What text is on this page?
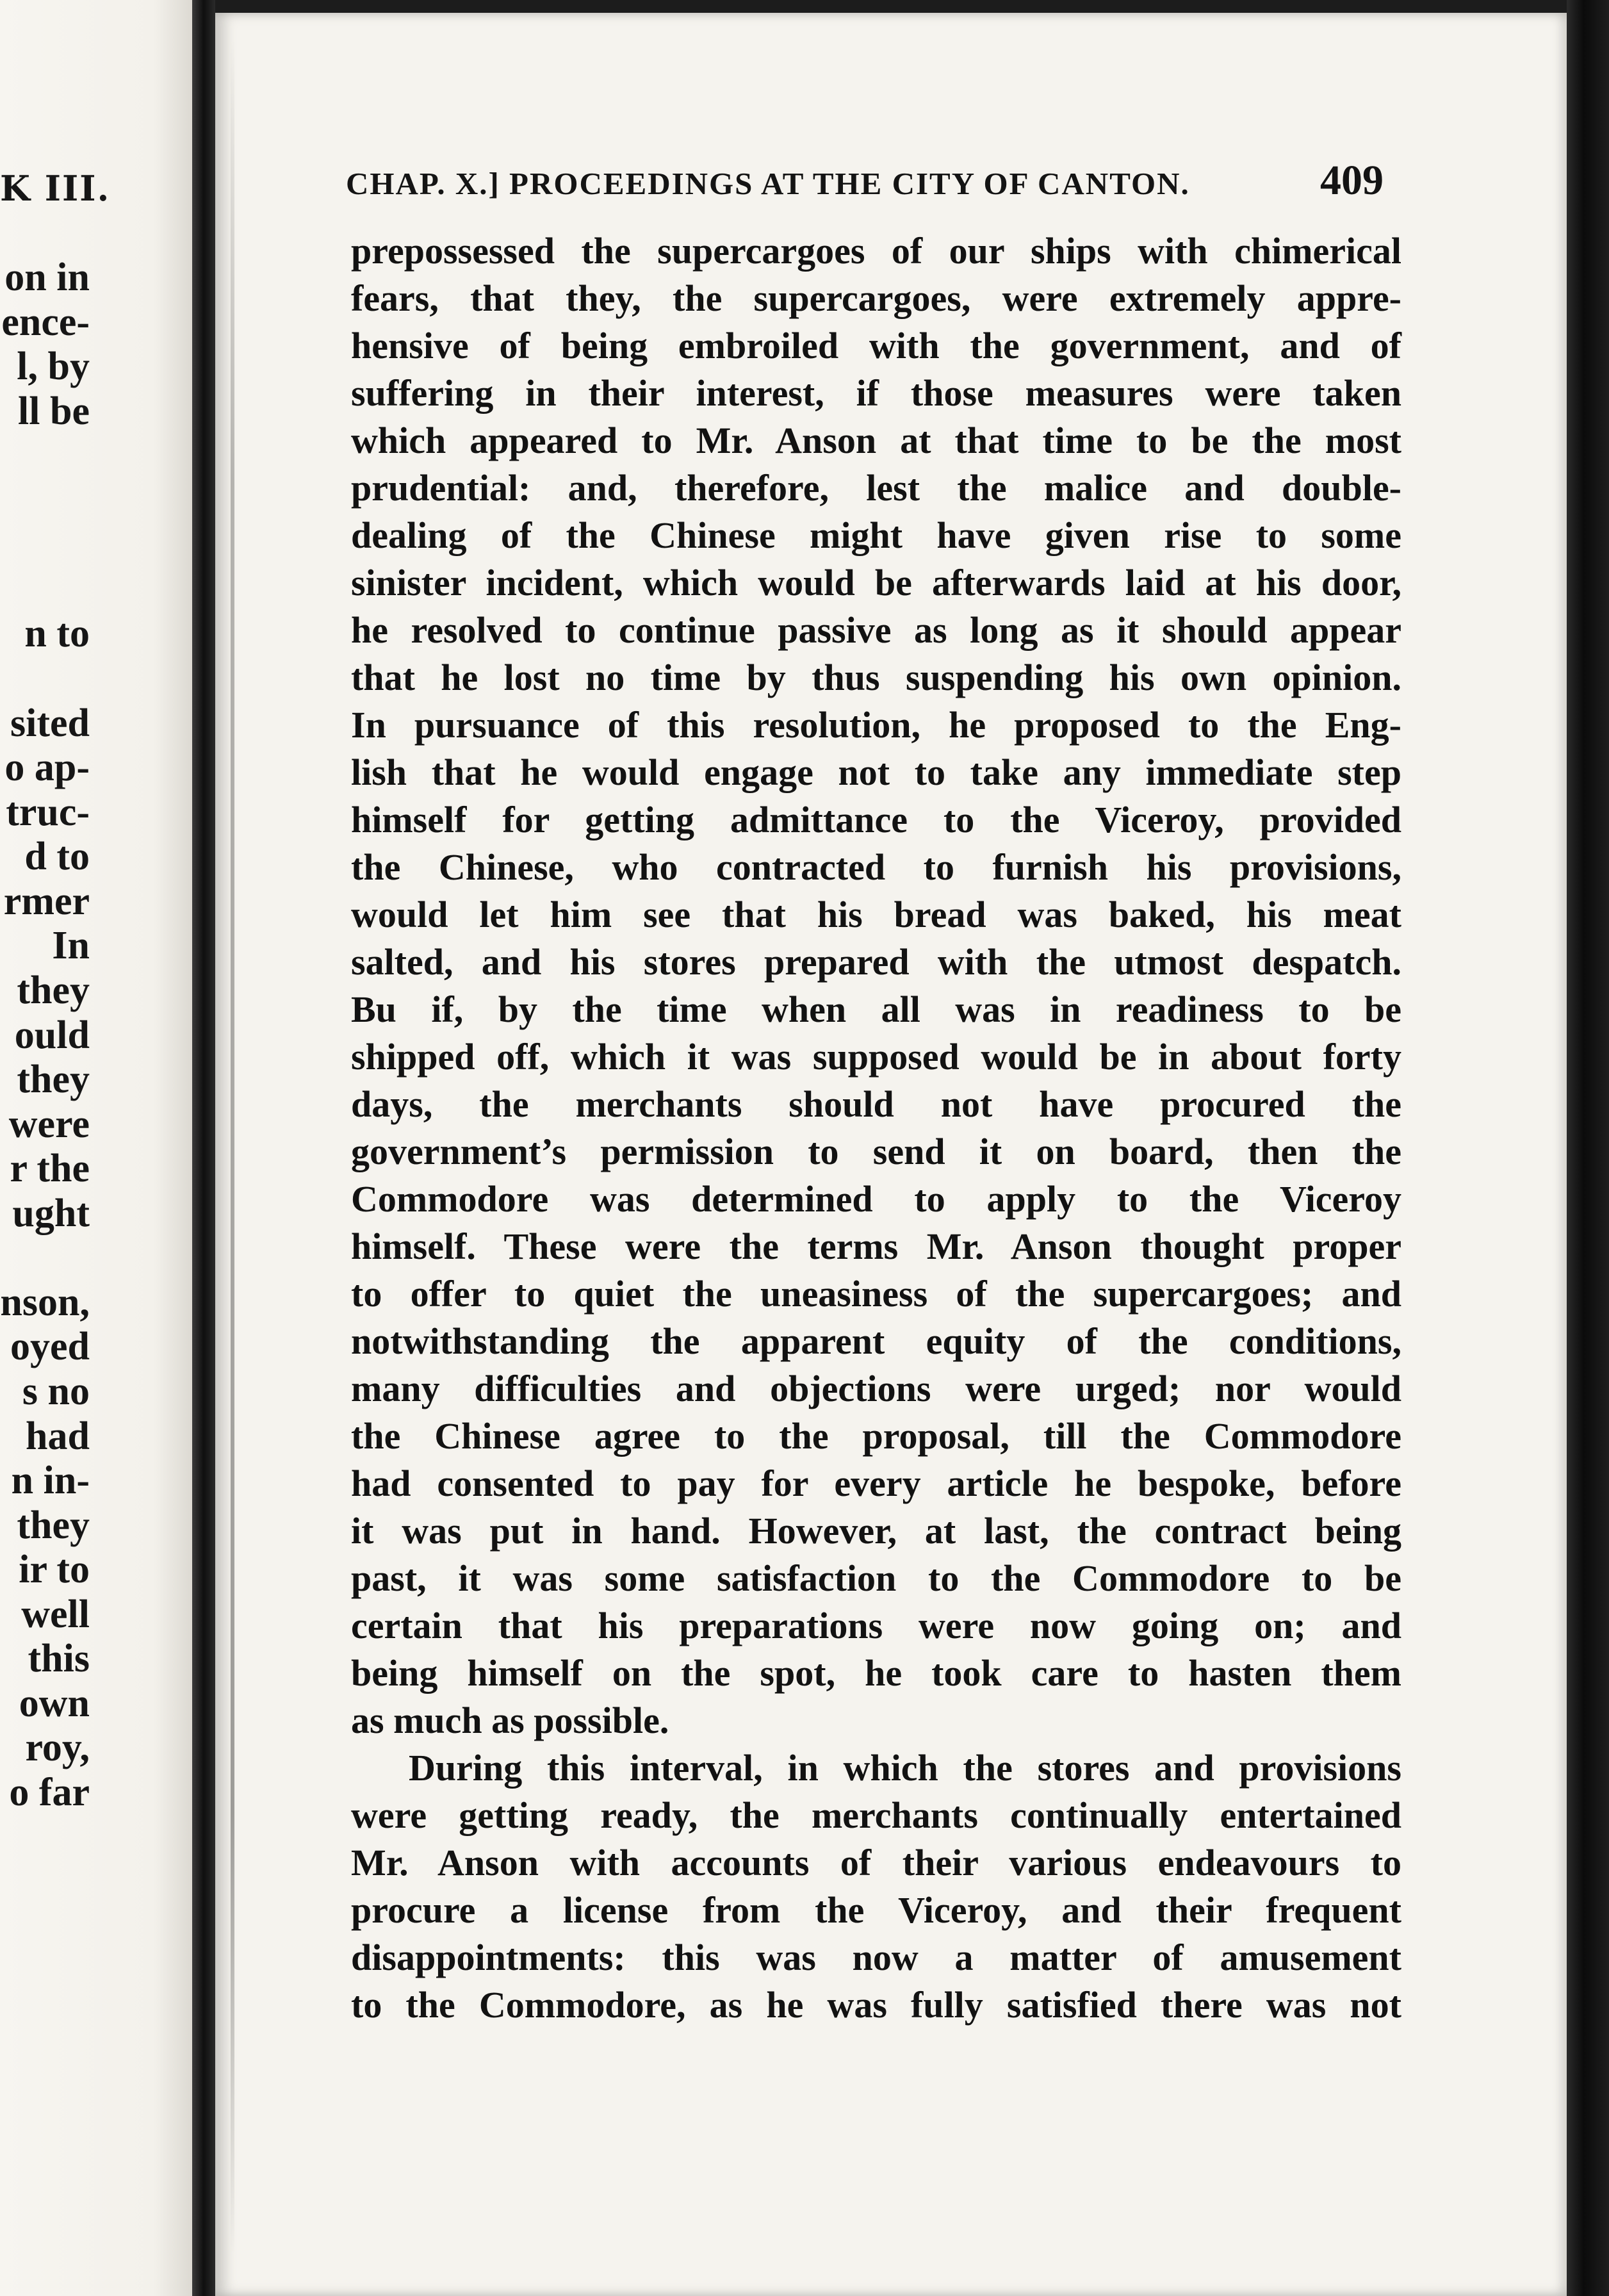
K III.
on in
ence-
l, by
ll be
n to
sited
o ap-
truc-
d to
rmer
In
they
ould
they
were
r the
ught
nson,
oyed
s no
had
n in-
they
ir to
well
this
own
roy,
o far
CHAP. X.] PROCEEDINGS AT THE CITY OF CANTON.	409
prepossessed the supercargoes of our ships with chimerical
fears, that they, the supercargoes, were extremely appre-
hensive of being embroiled with the government, and of
suffering in their interest, if those measures were taken
which appeared to Mr. Anson at that time to be the most
prudential: and, therefore, lest the malice and double-
dealing of the Chinese might have given rise to some
sinister incident, which would be afterwards laid at his door,
he resolved to continue passive as long as it should appear
that he lost no time by thus suspending his own opinion.
In pursuance of this resolution, he proposed to the Eng-
lish that he would engage not to take any immediate step
himself for getting admittance to the Viceroy, provided
the Chinese, who contracted to furnish his provisions,
would let him see that his bread was baked, his meat
salted, and his stores prepared with the utmost despatch.
Bu if, by the time when all was in readiness to be
shipped off, which it was supposed would be in about forty
days, the merchants should not have procured the
government’s permission to send it on board, then the
Commodore was determined to apply to the Viceroy
himself. These were the terms Mr. Anson thought proper
to offer to quiet the uneasiness of the supercargoes; and
notwithstanding the apparent equity of the conditions,
many difficulties and objections were urged; nor would
the Chinese agree to the proposal, till the Commodore
had consented to pay for every article he bespoke, before
it was put in hand. However, at last, the contract being
past, it was some satisfaction to the Commodore to be
certain that his preparations were now going on; and
being himself on the spot, he took care to hasten them
as much as possible.
During this interval, in which the stores and provisions
were getting ready, the merchants continually entertained
Mr. Anson with accounts of their various endeavours to
procure a license from the Viceroy, and their frequent
disappointments: this was now a matter of amusement
to the Commodore, as he was fully satisfied there was not
